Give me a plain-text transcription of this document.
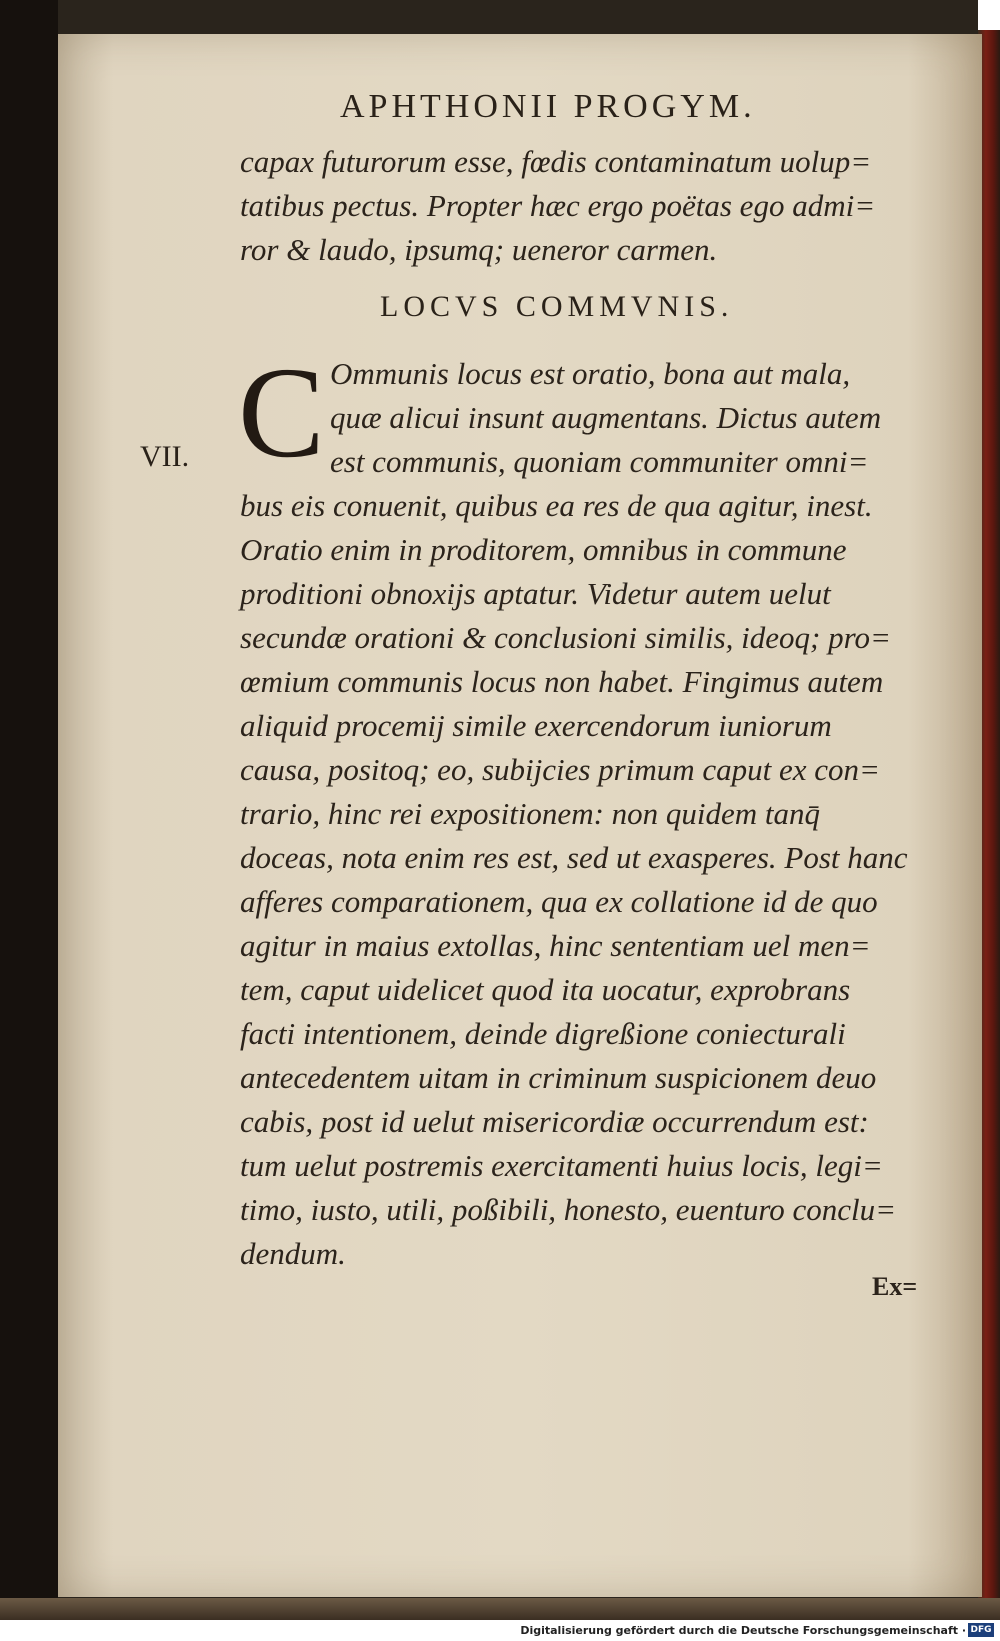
APHTHONII PROGYM.
capax futurorum esse, fœdis contaminatum uolup=
tatibus pectus. Propter hæc ergo poëtas ego admi=
ror & laudo, ipsumq; ueneror carmen.
LOCVS COMMVNIS.
VII. C Ommunis locus est oratio, bona aut mala,
quæ alicui insunt augmentans. Dictus autem
est communis, quoniam communiter omni=
bus eis conuenit, quibus ea res de qua agitur, inest.
Oratio enim in proditorem, omnibus in commune
proditioni obnoxijs aptatur. Videtur autem uelut
secundæ orationi & conclusioni similis, ideoq; pro=
œmium communis locus non habet. Fingimus autem
aliquid procemij simile exercendorum iuniorum
causa, positoq; eo, subijcies primum caput ex con=
trario, hinc rei expositionem: non quidem tanq̄
doceas, nota enim res est, sed ut exasperes. Post hanc
afferes comparationem, qua ex collatione id de quo
agitur in maius extollas, hinc sententiam uel men=
tem, caput uidelicet quod ita uocatur, exprobrans
facti intentionem, deinde digreßione coniecturali
antecedentem uitam in criminum suspicionem deuo
cabis, post id uelut misericordiæ occurrendum est:
tum uelut postremis exercitamenti huius locis, legi=
timo, iusto, utili, poßibili, honesto, euenturo conclu=
dendum.
Ex=
Digitalisierung gefördert durch die Deutsche Forschungsgemeinschaft · DFG
